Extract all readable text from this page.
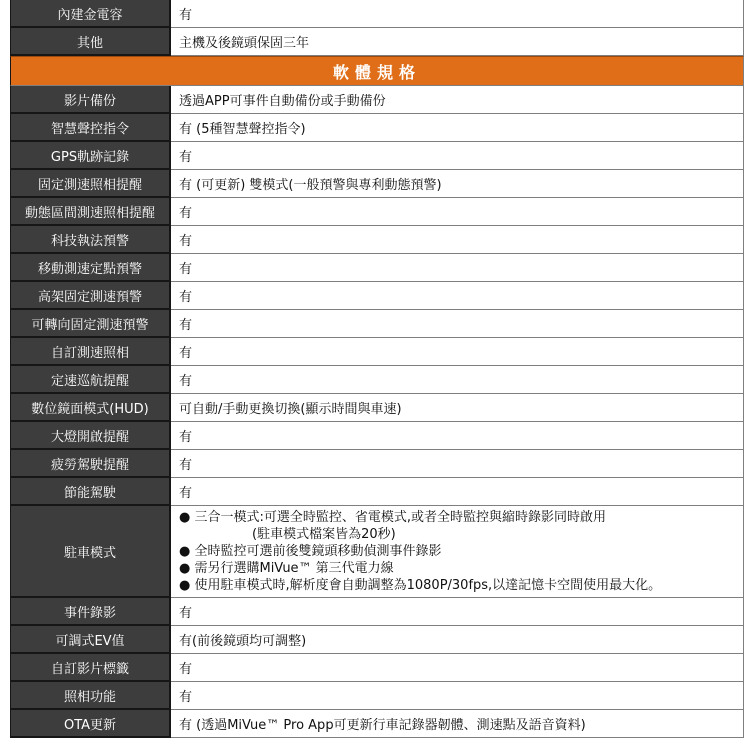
內建金電容	有
其他	主機及後鏡頭保固三年
軟體規格	
影片備份	透過APP可事件自動備份或手動備份
智慧聲控指令	有 (5種智慧聲控指令)
GPS軌跡記錄	有
固定測速照相提醒	有 (可更新) 雙模式(一般預警與專利動態預警)
動態區間測速照相提醒	有
科技執法預警	有
移動測速定點預警	有
高架固定測速預警	有
可轉向固定測速預警	有
自訂測速照相	有
定速巡航提醒	有
數位鏡面模式(HUD)	可自動/手動更換切換(顯示時間與車速)
大燈開啟提醒	有
疲勞駕駛提醒	有
節能駕駛	有
駐車模式	● 三合一模式:可選全時監控、省電模式,或者全時監控與縮時錄影同時啟用
(駐車模式檔案皆為20秒)
● 全時監控可選前後雙鏡頭移動偵測事件錄影
● 需另行選購MiVue™ 第三代電力線
● 使用駐車模式時,解析度會自動調整為1080P/30fps,以達記憶卡空間使用最大化。

事件錄影	有
可調式EV值	有(前後鏡頭均可調整)
自訂影片標籤	有
照相功能	有
OTA更新	有 (透過MiVue™ Pro App可更新行車記錄器韌體、測速點及語音資料)
